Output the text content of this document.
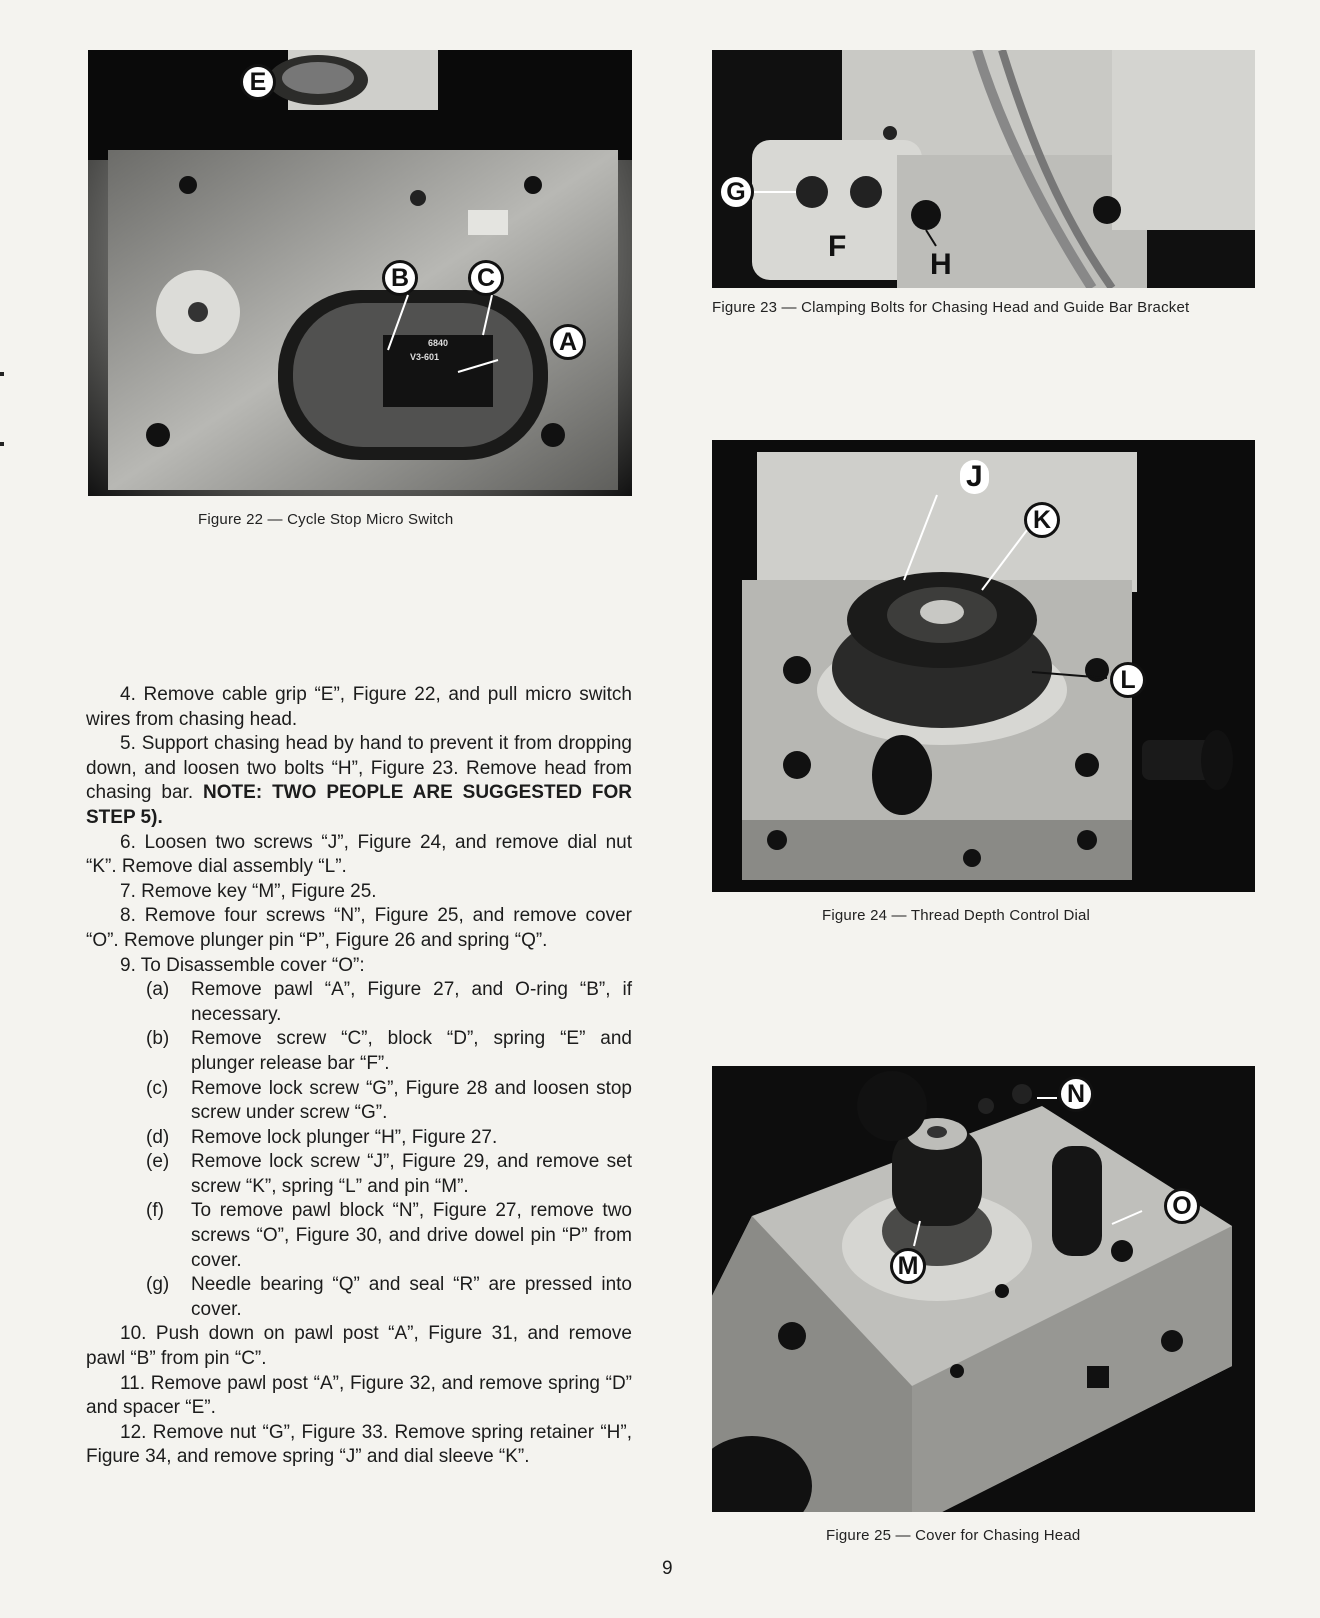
6840
V3-601
E
B	C
A
Figure 22 — Cycle Stop Micro Switch
G
F
H
Figure 23 — Clamping Bolts for Chasing Head and Guide Bar Bracket
J
K
L
Figure 24 — Thread Depth Control Dial
N
O
M
Figure 25 — Cover for Chasing Head

4. Remove cable grip “E”, Figure 22, and pull micro switch wires from chasing head.

5. Support chasing head by hand to prevent it from dropping down, and loosen two bolts “H”, Figure 23. Remove head from chasing bar. NOTE: TWO PEOPLE ARE SUGGESTED FOR STEP 5).

6. Loosen two screws “J”, Figure 24, and remove dial nut “K”. Remove dial assembly “L”.

7. Remove key “M”, Figure 25.

8. Remove four screws “N”, Figure 25, and remove cover “O”. Remove plunger pin “P”, Figure 26 and spring “Q”.

9. To Disassemble cover “O”:

(a) Remove pawl “A”, Figure 27, and O-ring “B”, if necessary.

(b) Remove screw “C”, block “D”, spring “E” and plunger release bar “F”.

(c) Remove lock screw “G”, Figure 28 and loosen stop screw under screw “G”.

(d) Remove lock plunger “H”, Figure 27.

(e) Remove lock screw “J”, Figure 29, and remove set screw “K”, spring “L” and pin “M”.

(f) To remove pawl block “N”, Figure 27, remove two screws “O”, Figure 30, and drive dowel pin “P” from cover.

(g) Needle bearing “Q” and seal “R” are pressed into cover.

10. Push down on pawl post “A”, Figure 31, and remove pawl “B” from pin “C”.

11. Remove pawl post “A”, Figure 32, and remove spring “D” and spacer “E”.

12. Remove nut “G”, Figure 33. Remove spring retainer “H”, Figure 34, and remove spring “J” and dial sleeve “K”.

9
